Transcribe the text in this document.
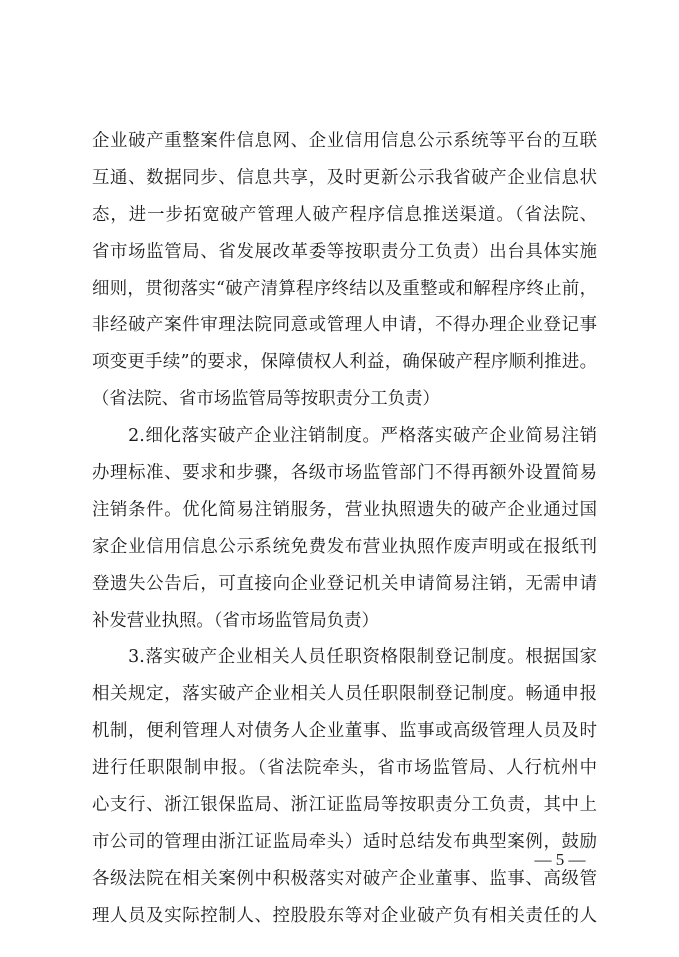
企业破产重整案件信息网、企业信用信息公示系统等平台的互联
互通、数据同步、信息共享，及时更新公示我省破产企业信息状
态，进一步拓宽破产管理人破产程序信息推送渠道。（省法院、
省市场监管局、省发展改革委等按职责分工负责）出台具体实施
细则，贯彻落实“破产清算程序终结以及重整或和解程序终止前，
非经破产案件审理法院同意或管理人申请，不得办理企业登记事
项变更手续”的要求，保障债权人利益，确保破产程序顺利推进。
（省法院、省市场监管局等按职责分工负责）
　　2.细化落实破产企业注销制度。严格落实破产企业简易注销
办理标准、要求和步骤，各级市场监管部门不得再额外设置简易
注销条件。优化简易注销服务，营业执照遗失的破产企业通过国
家企业信用信息公示系统免费发布营业执照作废声明或在报纸刊
登遗失公告后，可直接向企业登记机关申请简易注销，无需申请
补发营业执照。（省市场监管局负责）
　　3.落实破产企业相关人员任职资格限制登记制度。根据国家
相关规定，落实破产企业相关人员任职限制登记制度。畅通申报
机制，便利管理人对债务人企业董事、监事或高级管理人员及时
进行任职限制申报。（省法院牵头，省市场监管局、人行杭州中
心支行、浙江银保监局、浙江证监局等按职责分工负责，其中上
市公司的管理由浙江证监局牵头）适时总结发布典型案例，鼓励
各级法院在相关案例中积极落实对破产企业董事、监事、高级管
理人员及实际控制人、控股股东等对企业破产负有相关责任的人
— 5 —
